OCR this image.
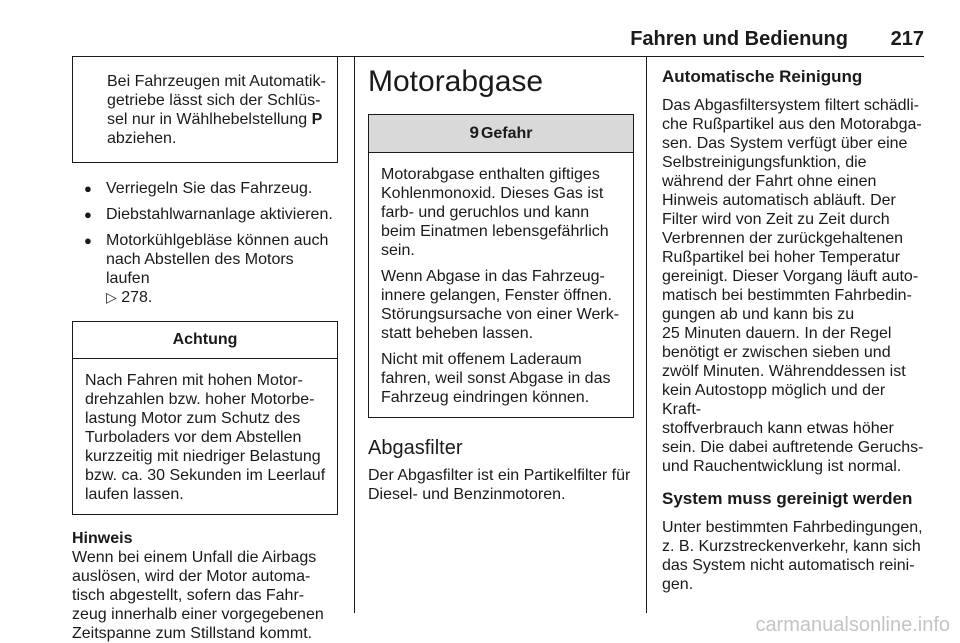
Fahren und Bedienung	217
Bei Fahrzeugen mit Automatik-
getriebe lässt sich der Schlüs-
sel nur in Wählhebelstellung P
abziehen.
● Verriegeln Sie das Fahrzeug.
● Diebstahlwarnanlage aktivieren.
● Motorkühlgebläse können auch nach Abstellen des Motors laufen
▷ 278.
Achtung
Nach Fahren mit hohen Motor-
drehzahlen bzw. hoher Motorbe-
lastung Motor zum Schutz des
Turboladers vor dem Abstellen
kurzzeitig mit niedriger Belastung
bzw. ca. 30 Sekunden im Leerlauf
laufen lassen.
Hinweis
Wenn bei einem Unfall die Airbags
auslösen, wird der Motor automa-
tisch abgestellt, sofern das Fahr-
zeug innerhalb einer vorgegebenen
Zeitspanne zum Stillstand kommt.
Motorabgase
9 Gefahr

Motorabgase enthalten giftiges
Kohlenmonoxid. Dieses Gas ist
farb- und geruchlos und kann
beim Einatmen lebensgefährlich
sein.

Wenn Abgase in das Fahrzeug-
innere gelangen, Fenster öffnen.
Störungsursache von einer Werk-
statt beheben lassen.

Nicht mit offenem Laderaum
fahren, weil sonst Abgase in das
Fahrzeug eindringen können.

Abgasfilter

Der Abgasfilter ist ein Partikelfilter für
Diesel- und Benzinmotoren.

Automatische Reinigung

Das Abgasfiltersystem filtert schädli-
che Rußpartikel aus den Motorabga-
sen. Das System verfügt über eine
Selbstreinigungsfunktion, die
während der Fahrt ohne einen
Hinweis automatisch abläuft. Der
Filter wird von Zeit zu Zeit durch
Verbrennen der zurückgehaltenen
Rußpartikel bei hoher Temperatur
gereinigt. Dieser Vorgang läuft auto-
matisch bei bestimmten Fahrbedin-
gungen ab und kann bis zu
25 Minuten dauern. In der Regel
benötigt er zwischen sieben und
zwölf Minuten. Währenddessen ist
kein Autostopp möglich und der Kraft-
stoffverbrauch kann etwas höher
sein. Die dabei auftretende Geruchs-
und Rauchentwicklung ist normal.

System muss gereinigt werden

Unter bestimmten Fahrbedingungen,
z. B. Kurzstreckenverkehr, kann sich
das System nicht automatisch reini-
gen.

carmanualsonline.info
